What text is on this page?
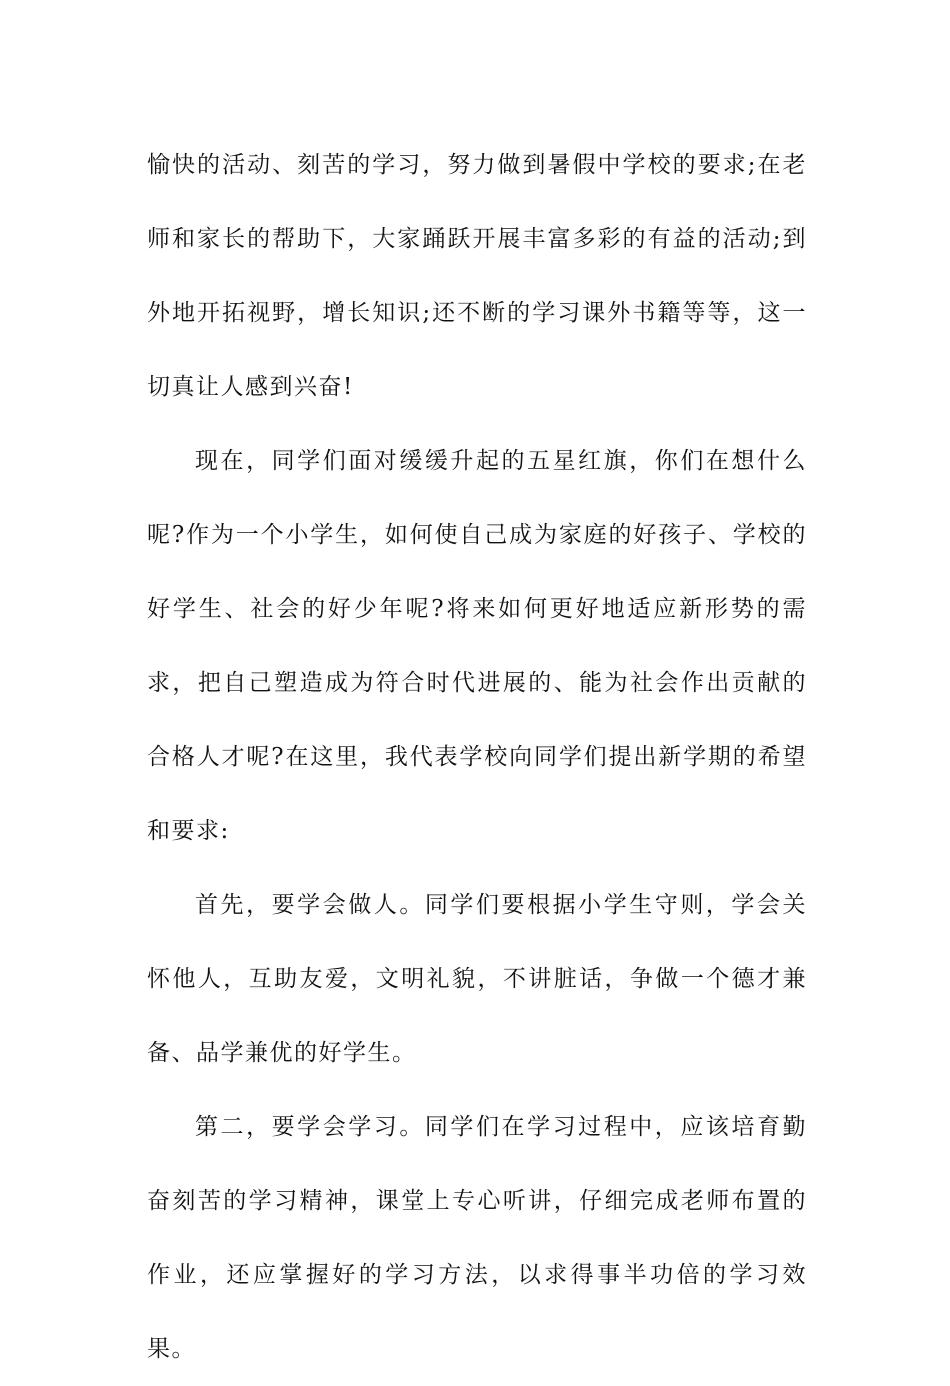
愉快的活动、刻苦的学习，努力做到暑假中学校的要求;在老师和家长的帮助下，大家踊跃开展丰富多彩的有益的活动;到外地开拓视野，增长知识;还不断的学习课外书籍等等，这一切真让人感到兴奋!

现在，同学们面对缓缓升起的五星红旗，你们在想什么呢?作为一个小学生，如何使自己成为家庭的好孩子、学校的好学生、社会的好少年呢?将来如何更好地适应新形势的需求，把自己塑造成为符合时代进展的、能为社会作出贡献的合格人才呢?在这里，我代表学校向同学们提出新学期的希望和要求:

首先，要学会做人。同学们要根据小学生守则，学会关怀他人，互助友爱，文明礼貌，不讲脏话，争做一个德才兼备、品学兼优的好学生。

第二，要学会学习。同学们在学习过程中，应该培育勤奋刻苦的学习精神，课堂上专心听讲，仔细完成老师布置的作业，还应掌握好的学习方法，以求得事半功倍的学习效果。
